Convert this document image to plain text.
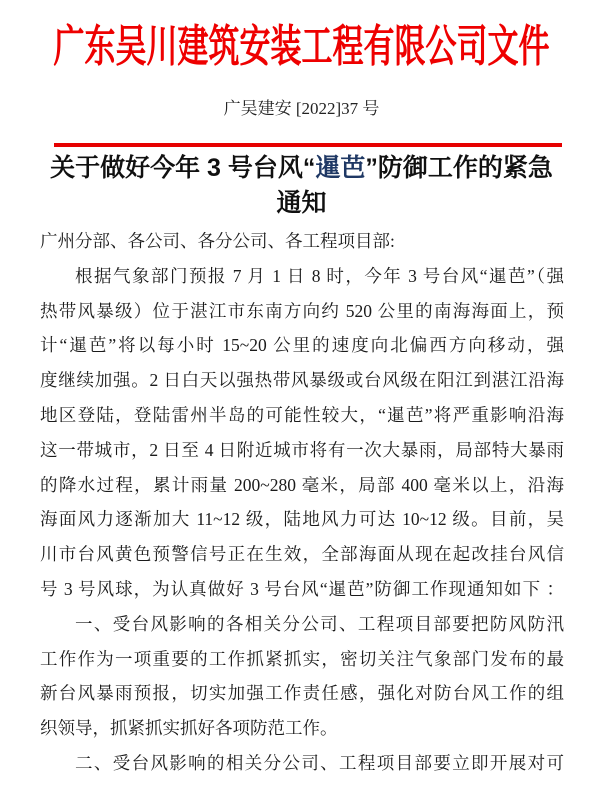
广东吴川建筑安装工程有限公司文件
广吴建安 [2022]37 号
关于做好今年 3 号台风“暹芭”防御工作的紧急
通知
广州分部、各公司、各分公司、各工程项目部:
根据气象部门预报 7 月 1 日 8 时，今年 3 号台风“暹芭”（强
热带风暴级）位于湛江市东南方向约 520 公里的南海海面上，预
计“暹芭”将以每小时 15~20 公里的速度向北偏西方向移动，强
度继续加强。2 日白天以强热带风暴级或台风级在阳江到湛江沿海
地区登陆，登陆雷州半岛的可能性较大，“暹芭”将严重影响沿海
这一带城市，2 日至 4 日附近城市将有一次大暴雨，局部特大暴雨
的降水过程，累计雨量 200~280 毫米，局部 400 毫米以上，沿海
海面风力逐渐加大 11~12 级，陆地风力可达 10~12 级。目前，吴
川市台风黄色预警信号正在生效，全部海面从现在起改挂台风信
号 3 号风球，为认真做好 3 号台风“暹芭”防御工作现通知如下 ：
一、受台风影响的各相关分公司、工程项目部要把防风防汛
工作作为一项重要的工作抓紧抓实，密切关注气象部门发布的最
新台风暴雨预报，切实加强工作责任感，强化对防台风工作的组
织领导，抓紧抓实抓好各项防范工作。
二、受台风影响的相关分公司、工程项目部要立即开展对可
